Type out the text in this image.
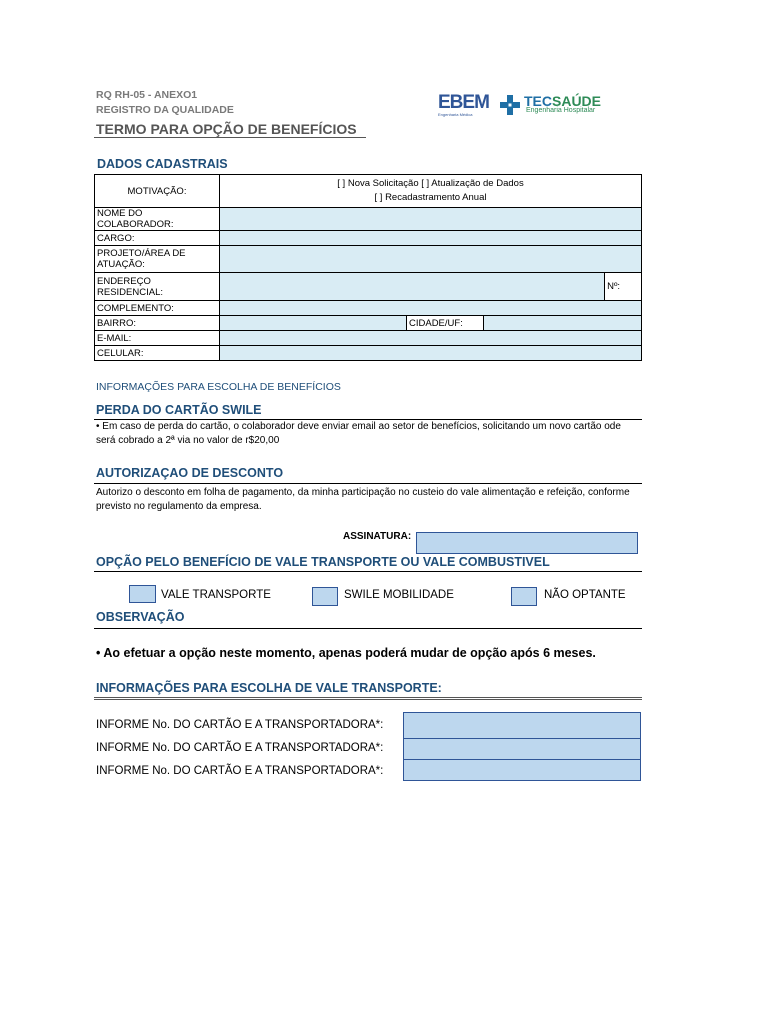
RQ RH-05 - ANEXO1
REGISTRO DA QUALIDADE
TERMO PARA OPÇÃO DE BENEFÍCIOS
EBEM
Engenharia Médica
TECSAÚDE
Engenharia Hospitalar
DADOS CADASTRAIS
MOTIVAÇÃO:	[ ] Nova Solicitação [ ] Atualização de Dados
[ ] Recadastramento Anual			

NOME DO COLABORADOR:				
CARGO:				
PROJETO/ÁREA DE ATUAÇÃO:				
ENDEREÇO RESIDENCIAL:				Nº:
COMPLEMENTO:				
BAIRRO:		CIDADE/UF:		
E-MAIL:				
CELULAR:				
INFORMAÇÕES PARA ESCOLHA DE BENEFÍCIOS
PERDA DO CARTÃO SWILE
• Em caso de perda do cartão, o colaborador deve enviar email ao setor de benefícios, solicitando um novo cartão ode será cobrado a 2ª via no valor de r$20,00
AUTORIZAÇAO DE DESCONTO
Autorizo o desconto em folha de pagamento, da minha participação no custeio do vale alimentação e refeição, conforme previsto no regulamento da empresa.
ASSINATURA:
OPÇÃO PELO BENEFÍCIO DE VALE TRANSPORTE OU VALE COMBUSTIVEL
VALE TRANSPORTE	SWILE MOBILIDADE	NÃO OPTANTE
OBSERVAÇÃO
• Ao efetuar a opção neste momento, apenas poderá mudar de opção após 6 meses.
INFORMAÇÕES PARA ESCOLHA DE VALE TRANSPORTE:
INFORME No. DO CARTÃO E A TRANSPORTADORA*:
INFORME No. DO CARTÃO E A TRANSPORTADORA*:
INFORME No. DO CARTÃO E A TRANSPORTADORA*:
